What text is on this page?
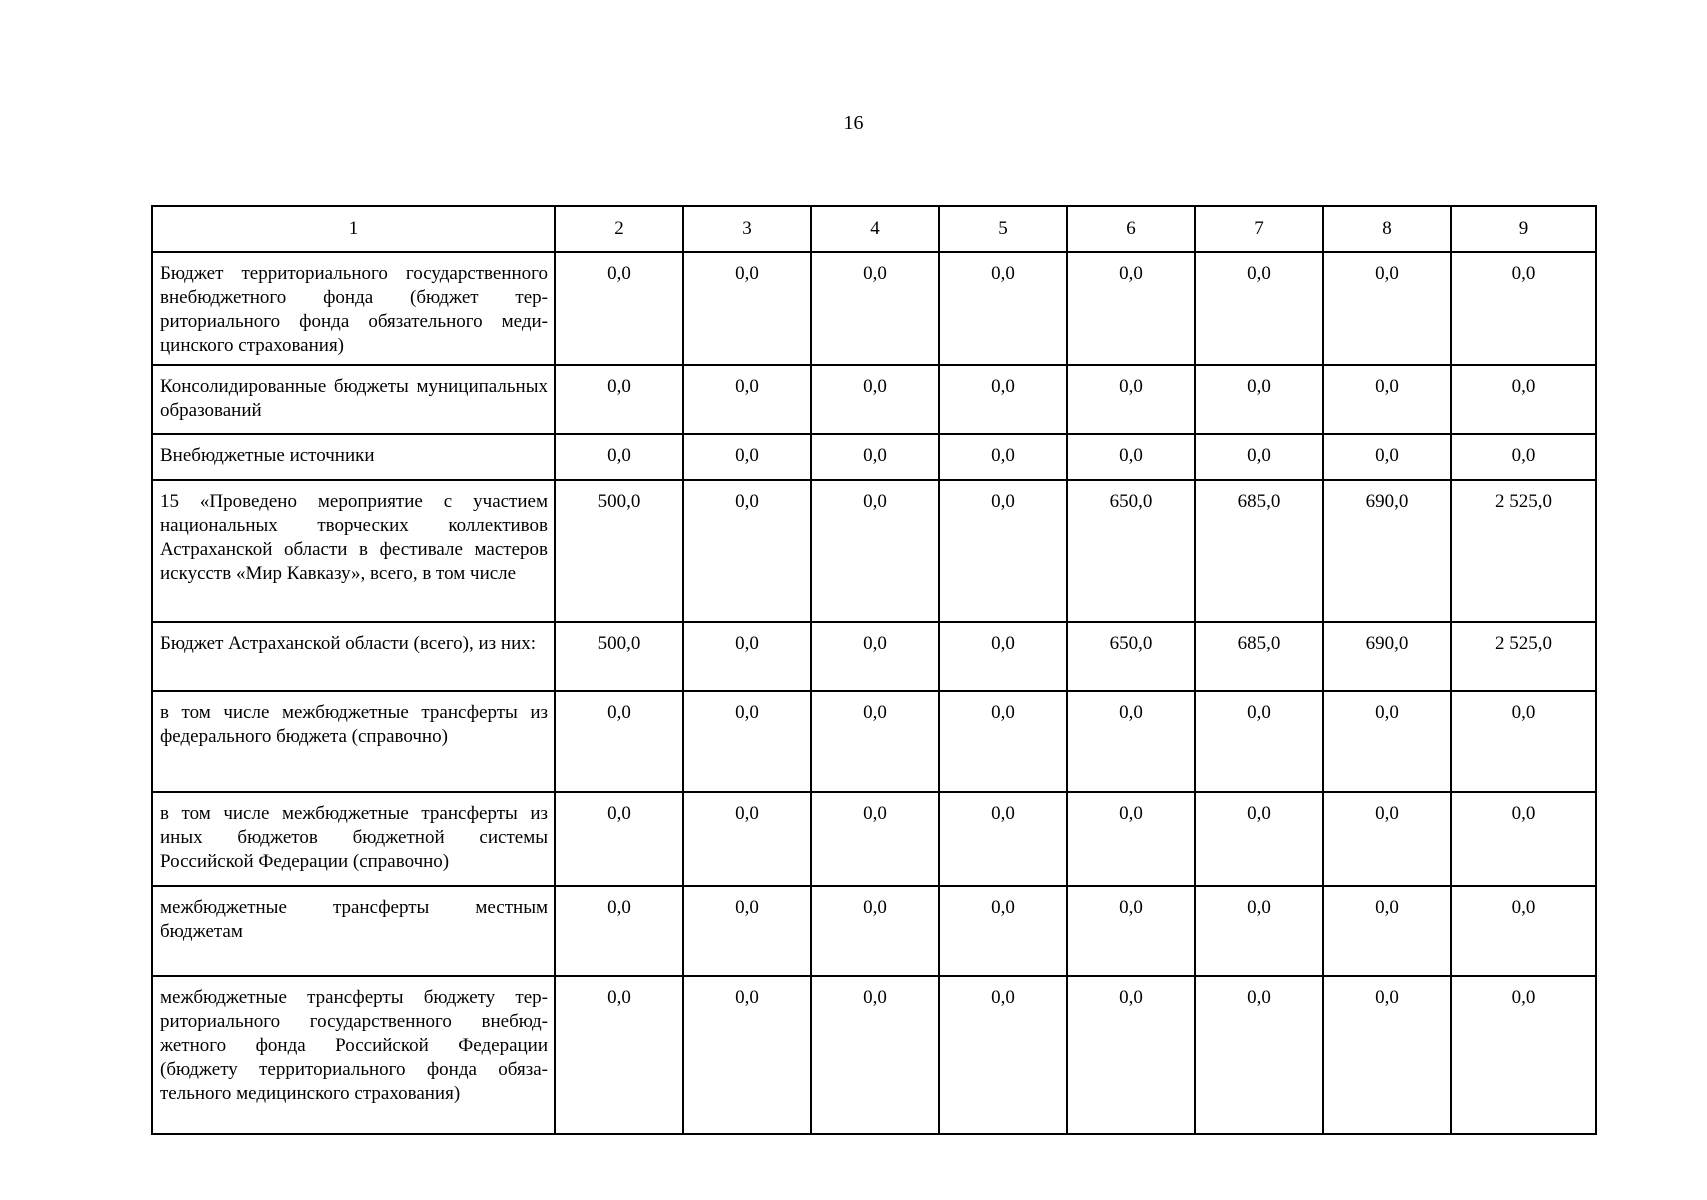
16
1	2	3	4	5	6	7	8	9
Бюджет территориального государственного внебюджетного фонда (бюджет территориального фонда обязательного медицинского страхования)	0,0	0,0	0,0	0,0	0,0	0,0	0,0	0,0
Консолидированные бюджеты муниципальных образований	0,0	0,0	0,0	0,0	0,0	0,0	0,0	0,0
Внебюджетные источники	0,0	0,0	0,0	0,0	0,0	0,0	0,0	0,0
15 «Проведено мероприятие с участием национальных творческих коллективов Астраханской области в фестивале мастеров искусств «Мир Кавказу», всего, в том числе	500,0	0,0	0,0	0,0	650,0	685,0	690,0	2 525,0
Бюджет Астраханской области (всего), из них:	500,0	0,0	0,0	0,0	650,0	685,0	690,0	2 525,0
в том числе межбюджетные трансферты из федерального бюджета (справочно)	0,0	0,0	0,0	0,0	0,0	0,0	0,0	0,0
в том числе межбюджетные трансферты из иных бюджетов бюджетной системы Российской Федерации (справочно)	0,0	0,0	0,0	0,0	0,0	0,0	0,0	0,0
межбюджетные трансферты местным бюджетам	0,0	0,0	0,0	0,0	0,0	0,0	0,0	0,0
межбюджетные трансферты бюджету территориального государственного внебюджетного фонда Российской Федерации (бюджету территориального фонда обязательного медицинского страхования)	0,0	0,0	0,0	0,0	0,0	0,0	0,0	0,0
